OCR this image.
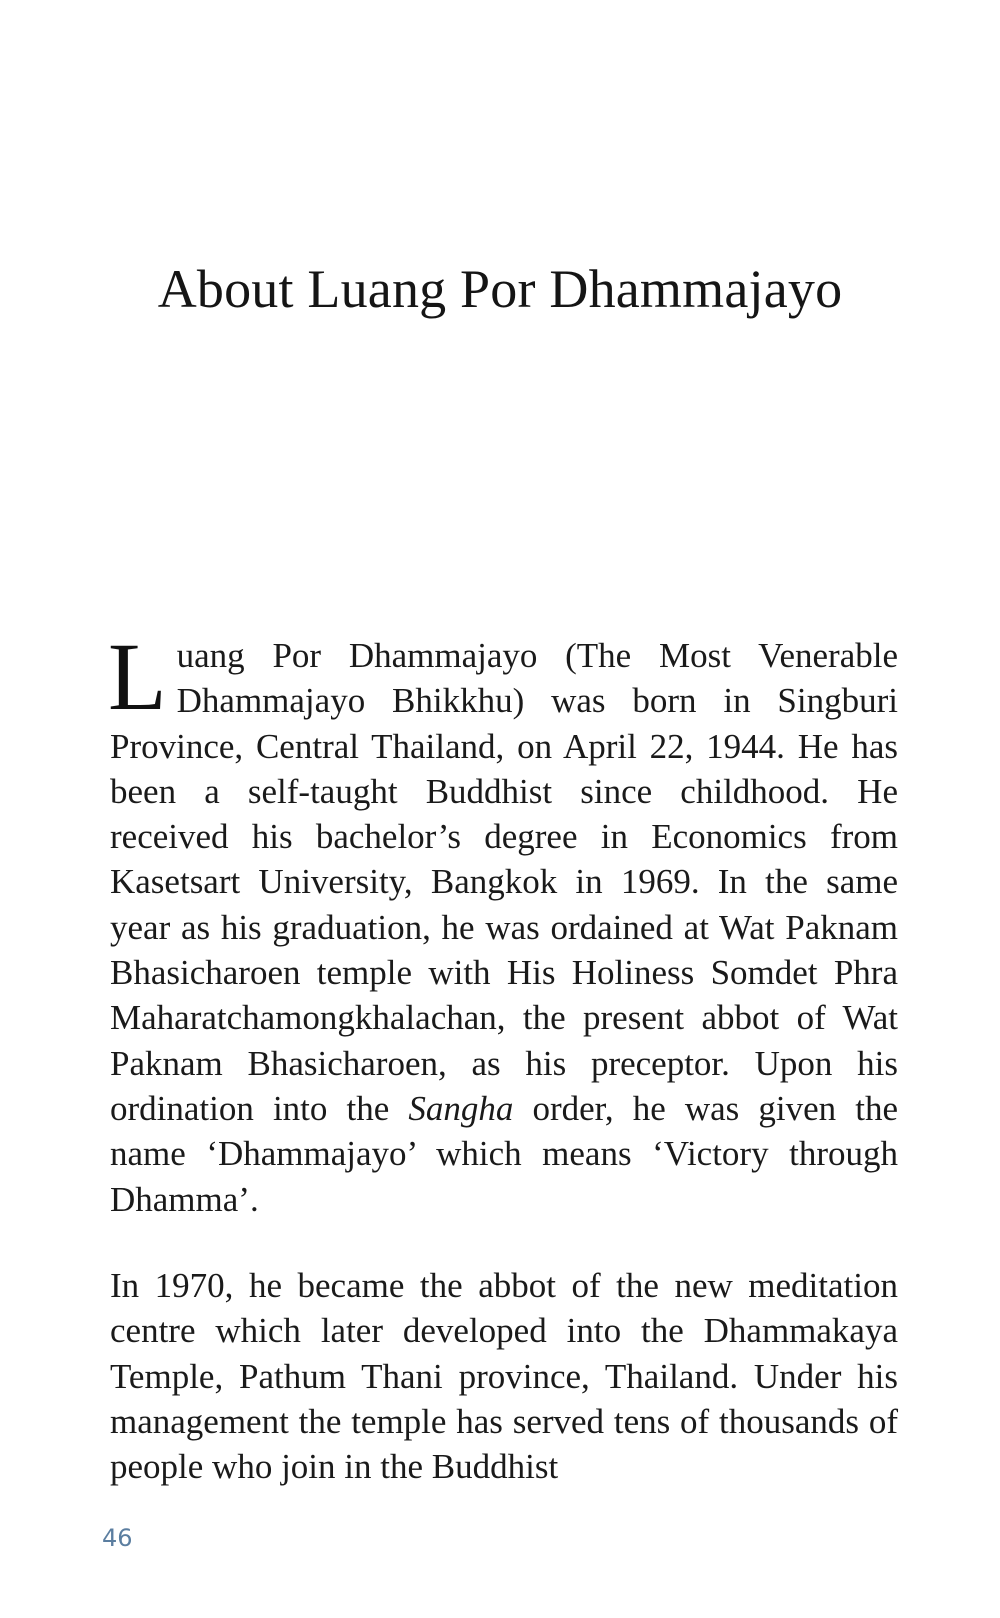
About Luang Por Dhammajayo

Luang Por Dhammajayo (The Most Venerable Dhammajayo Bhikkhu) was born in Singburi Province, Central Thailand, on April 22, 1944. He has been a self-taught Buddhist since childhood. He received his bachelor’s degree in Economics from Kasetsart University, Bangkok in 1969. In the same year as his graduation, he was ordained at Wat Paknam Bhasicharoen temple with His Holiness Somdet Phra Maharatchamongkhalachan, the present abbot of Wat Paknam Bhasicharoen, as his preceptor. Upon his ordination into the Sangha order, he was given the name ‘Dhammajayo’ which means ‘Victory through Dhamma’.

In 1970, he became the abbot of the new meditation centre which later developed into the Dhammakaya Temple, Pathum Thani province, Thailand. Under his management the temple has served tens of thousands of people who join in the Buddhist

46
